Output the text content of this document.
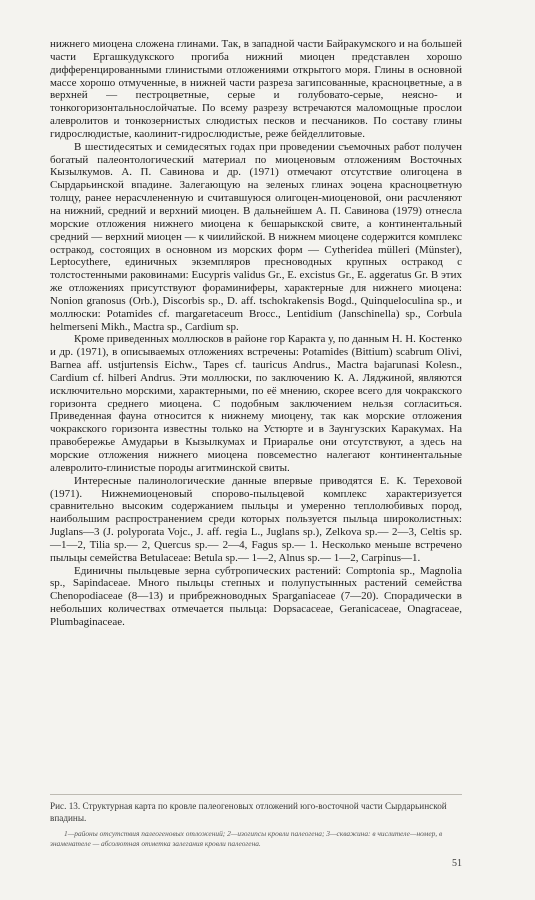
нижнего миоцена сложена глинами. Так, в западной части Байракумского и на большей части Ергашкудукского прогиба нижний миоцен представлен хорошо дифференцированными глинистыми отложениями открытого моря. Глины в основной массе хорошо отмученные, в нижней части разреза загипсованные, красноцветные, а в верхней — пестроцветные, серые и голубовато-серые, неясно- и тонкогоризонтальнослойчатые. По всему разрезу встречаются маломощные прослои алевролитов и тонкозернистых слюдистых песков и песчаников. По составу глины гидрослюдистые, каолинит-гидрослюдистые, реже бейделлитовые.

В шестидесятых и семидесятых годах при проведении съемочных работ получен богатый палеонтологический материал по миоценовым отложениям Восточных Кызылкумов. А. П. Савинова и др. (1971) отмечают отсутствие олигоцена в Сырдарьинской впадине. Залегающую на зеленых глинах эоцена красноцветную толщу, ранее нерасчлененную и считавшуюся олигоцен-миоценовой, они расчленяют на нижний, средний и верхний миоцен. В дальнейшем А. П. Савинова (1979) отнесла морские отложения нижнего миоцена к бешарыкской свите, а континентальный средний — верхний миоцен — к чиилийской. В нижнем миоцене содержится комплекс остракод, состоящих в основном из морских форм — Cytheridea mülleri (Münster), Leptocythere, единичных экземпляров пресноводных крупных остракод с толстостенными раковинами: Eucypris validus Gr., E. excistus Gr., E. aggeratus Gr. В этих же отложениях присутствуют фораминиферы, характерные для нижнего миоцена: Nonion granosus (Orb.), Discorbis sp., D. aff. tschokrakensis Bogd., Quinqueloculina sp., и моллюски: Potamides cf. margaretaceum Brocc., Lentidium (Janschinella) sp., Corbula helmerseni Mikh., Mactra sp., Cardium sp.

Кроме приведенных моллюсков в районе гор Каракта у, по данным Н. Н. Костенко и др. (1971), в описываемых отложениях встречены: Potamides (Bittium) scabrum Olivi, Barnea aff. ustjurtensis Eichw., Tapes cf. tauricus Andrus., Mactra bajarunasi Kolesn., Cardium cf. hilberi Andrus. Эти моллюски, по заключению К. А. Ляджиной, являются исключительно морскими, характерными, по её мнению, скорее всего для чокракского горизонта среднего миоцена. С подобным заключением нельзя согласиться. Приведенная фауна относится к нижнему миоцену, так как морские отложения чокракского горизонта известны только на Устюрте и в Заунгузских Каракумах. На правобережье Амударьи в Кызылкумах и Приаралье они отсутствуют, а здесь на морские отложения нижнего миоцена повсеместно налегают континентальные алевролито-глинистые породы агитминской свиты.

Интересные палинологические данные впервые приводятся Е. К. Тереховой (1971). Нижнемиоценовый спорово-пыльцевой комплекс характеризуется сравнительно высоким содержанием пыльцы и умеренно теплолюбивых пород, наибольшим распространением среди которых пользуется пыльца широколистных: Juglans—3 (J. polyporata Vojc., J. aff. regia L., Juglans sp.), Zelkova sp.— 2—3, Celtis sp.—1—2, Tilia sp.— 2, Quercus sp.— 2—4, Fagus sp.— 1. Несколько меньше встречено пыльцы семейства Betulaceae: Betula sp.— 1—2, Alnus sp.— 1—2, Carpinus—1.

Единичны пыльцевые зерна субтропических растений: Comptonia sp., Magnolia sp., Sapindaceae. Много пыльцы степных и полупустынных растений семейства Chenopodiaceae (8—13) и прибрежноводных Sparganiaceae (7—20). Спорадически в небольших количествах отмечается пыльца: Dopsacaceae, Geranicaceae, Onagraceae, Plumbaginaceae.

Рис. 13. Структурная карта по кровле палеогеновых отложений юго-восточной части Сырдарьинской впадины.
1—районы отсутствия палеогеновых отложений; 2—изогипсы кровли палеогена; 3—скважина: в числителе—номер, в знаменателе — абсолютная отметка залегания кровли палеогена.
51
